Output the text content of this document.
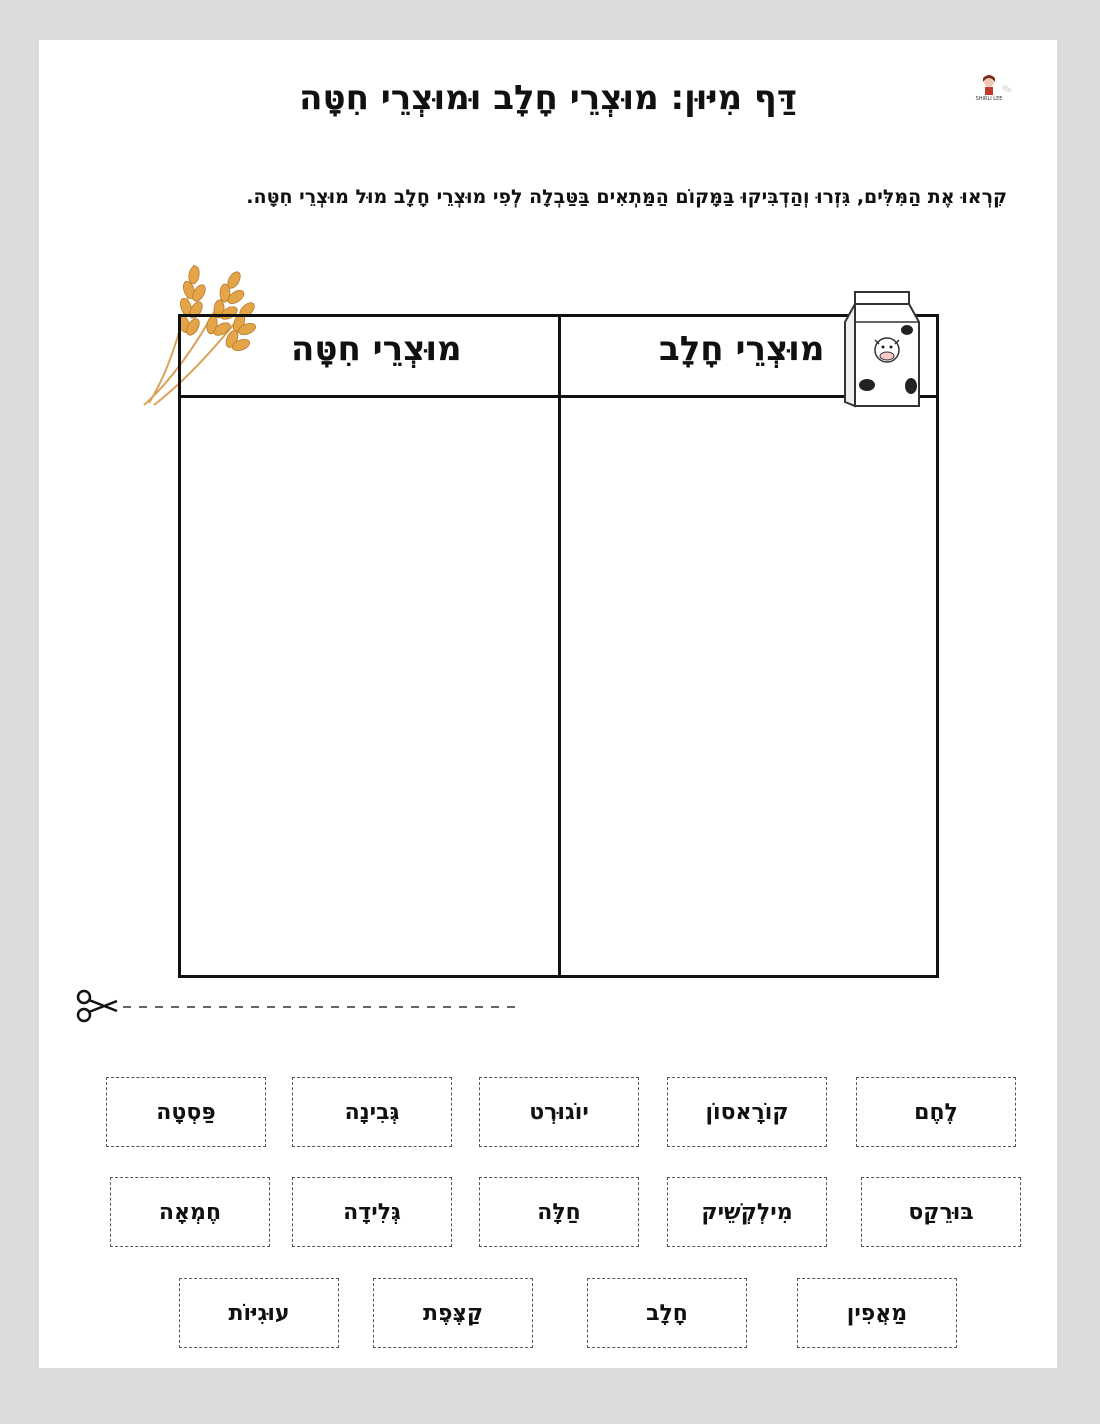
דַּף מִיּוּן: מוּצְרֵי חָלָב וּמוּצְרֵי חִטָּה	SHIRLI LEE
קִרְאוּ אֶת הַמִּלִּים, גִּזְרוּ וְהַדְבִּיקוּ בַּמָּקוֹם הַמַּתְאִים בַּטַּבְלָה לְפִי מוּצְרֵי חָלָב מוּל מוּצְרֵי חִטָּה.
מוּצְרֵי חִטָּה	מוּצְרֵי חָלָב
לֶחֶם
קוֹרָאסוֹן
יוֹגוּרְט
גְּבִינָה
פַּסְטָה
בּוּרֵקַס
מִילְקְשֵׁיק
חַלָּה
גְּלִידָה
חֶמְאָה
מַאֲפִין
חָלָב
קַצֶּפֶת
עוּגִיּוֹת
